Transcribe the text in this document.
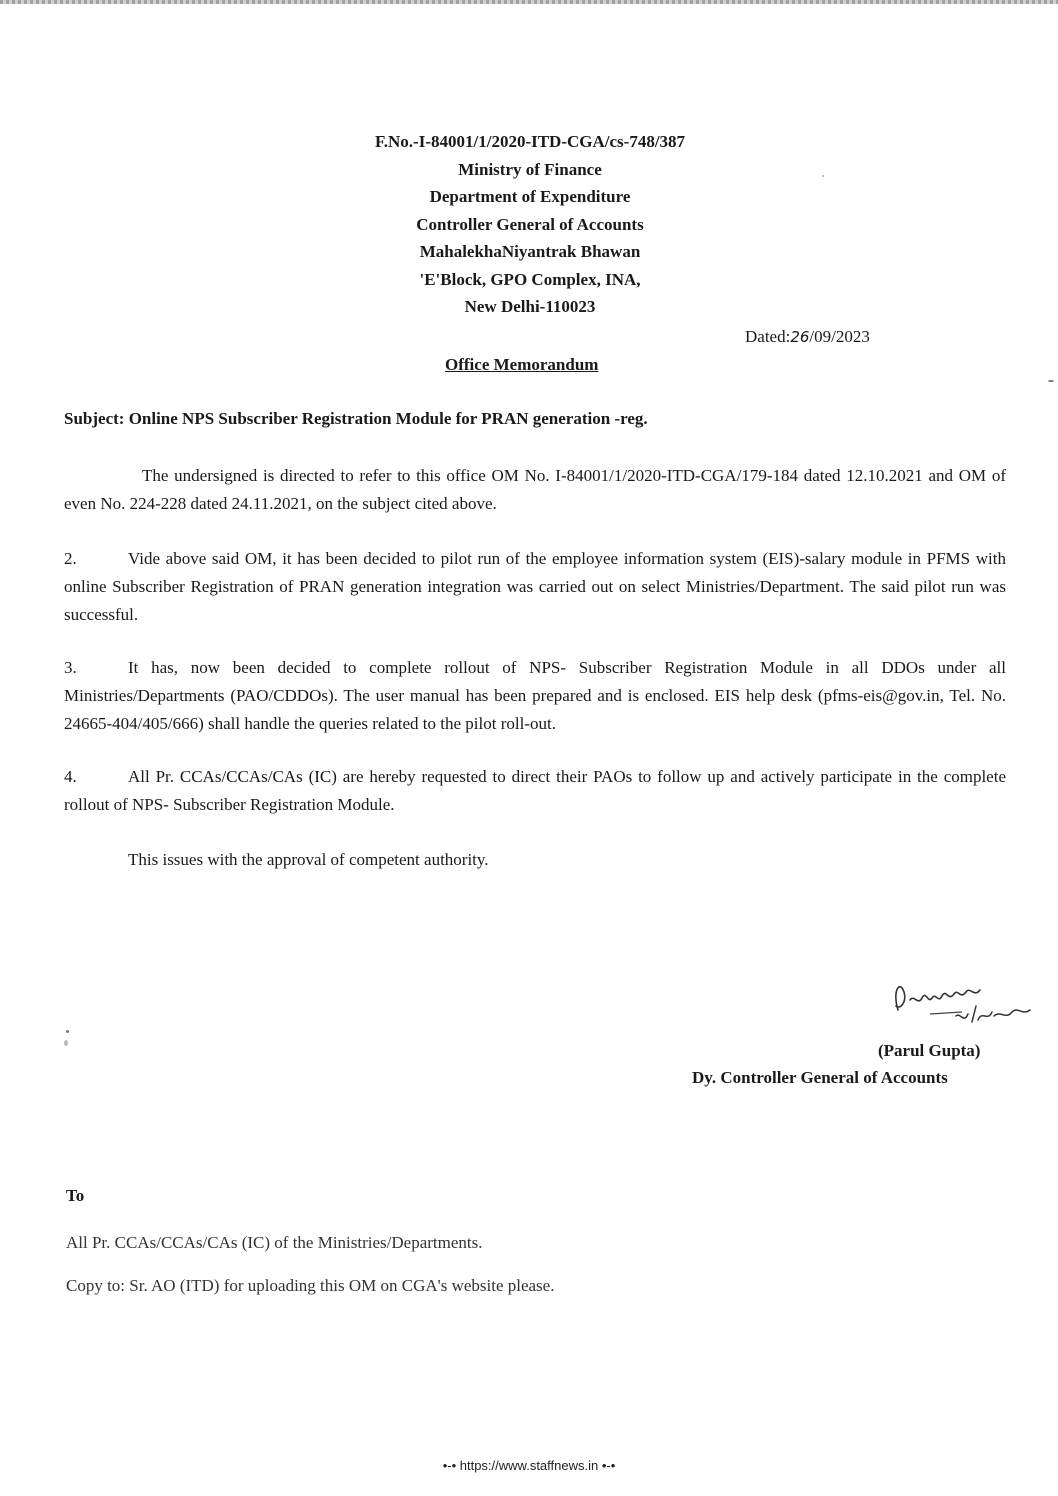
F.No.-I-84001/1/2020-ITD-CGA/cs-748/387
Ministry of Finance
Department of Expenditure
Controller General of Accounts
MahalekhaNiyantrak Bhawan
'E'Block, GPO Complex, INA,
New Delhi-110023
Dated:26/09/2023
Office Memorandum
Subject: Online NPS Subscriber Registration Module for PRAN generation -reg.
The undersigned is directed to refer to this office OM No. I-84001/1/2020-ITD-CGA/179-184 dated 12.10.2021 and OM of even No. 224-228 dated 24.11.2021, on the subject cited above.
2.	Vide above said OM, it has been decided to pilot run of the employee information system (EIS)-salary module in PFMS with online Subscriber Registration of PRAN generation integration was carried out on select Ministries/Department. The said pilot run was successful.
3.	It has, now been decided to complete rollout of NPS- Subscriber Registration Module in all DDOs under all Ministries/Departments (PAO/CDDOs). The user manual has been prepared and is enclosed. EIS help desk (pfms-eis@gov.in, Tel. No. 24665-404/405/666) shall handle the queries related to the pilot roll-out.
4.	All Pr. CCAs/CCAs/CAs (IC) are hereby requested to direct their PAOs to follow up and actively participate in the complete rollout of NPS- Subscriber Registration Module.
This issues with the approval of competent authority.
(Parul Gupta)
Dy. Controller General of Accounts
To
All Pr. CCAs/CCAs/CAs (IC) of the Ministries/Departments.
Copy to: Sr. AO (ITD) for uploading this OM on CGA's website please.
•-• https://www.staffnews.in •-•
